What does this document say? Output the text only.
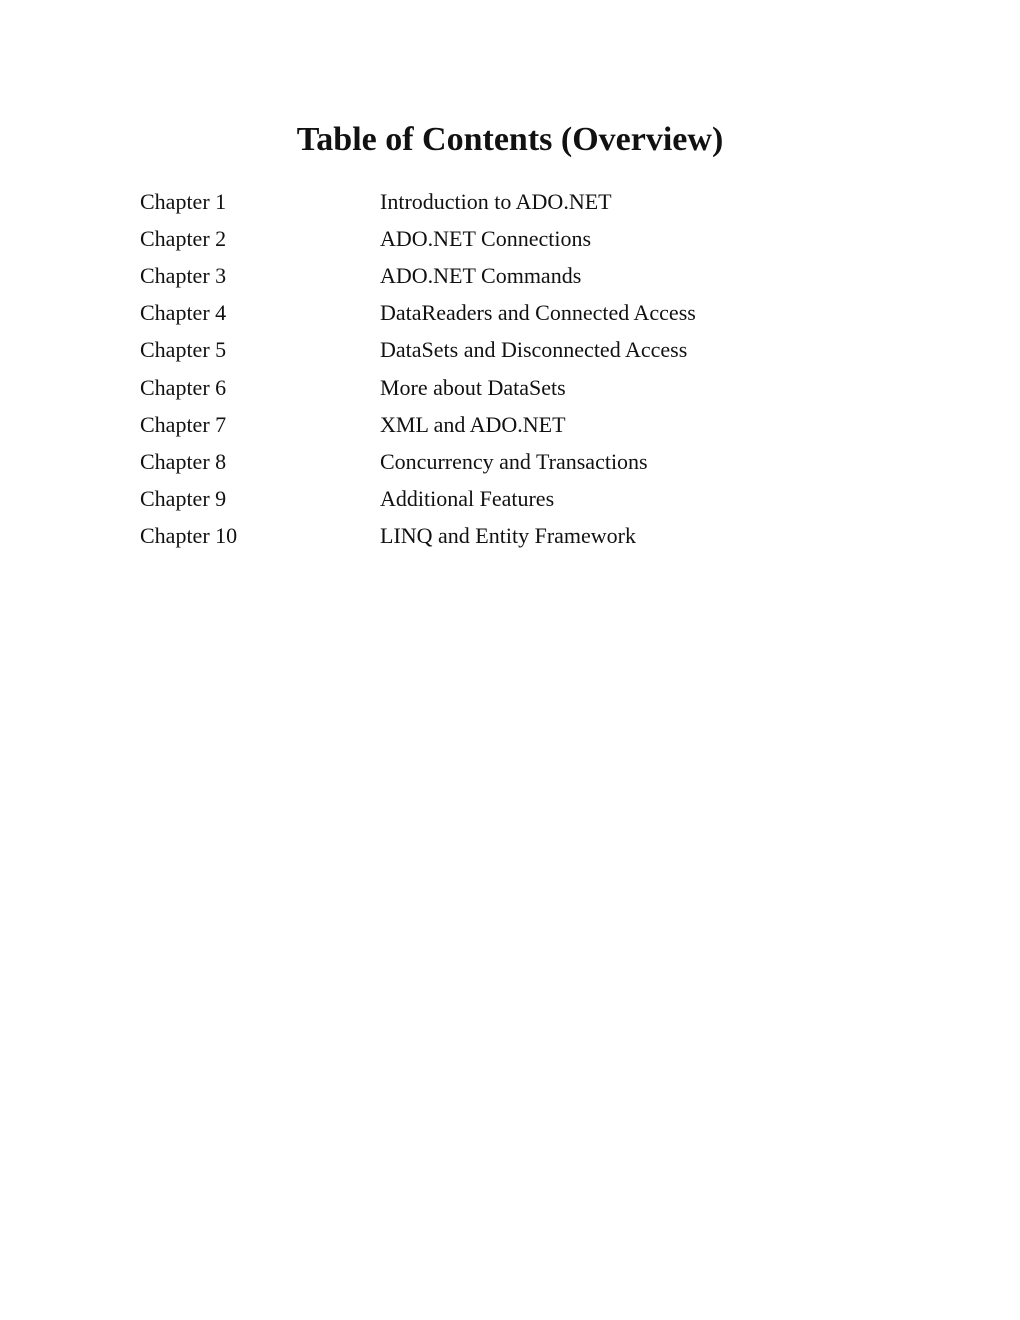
Table of Contents (Overview)
Chapter 1	Introduction to ADO.NET
Chapter 2	ADO.NET Connections
Chapter 3	ADO.NET Commands
Chapter 4	DataReaders and Connected Access
Chapter 5	DataSets and Disconnected Access
Chapter 6	More about DataSets
Chapter 7	XML and ADO.NET
Chapter 8	Concurrency and Transactions
Chapter 9	Additional Features
Chapter 10	LINQ and Entity Framework
